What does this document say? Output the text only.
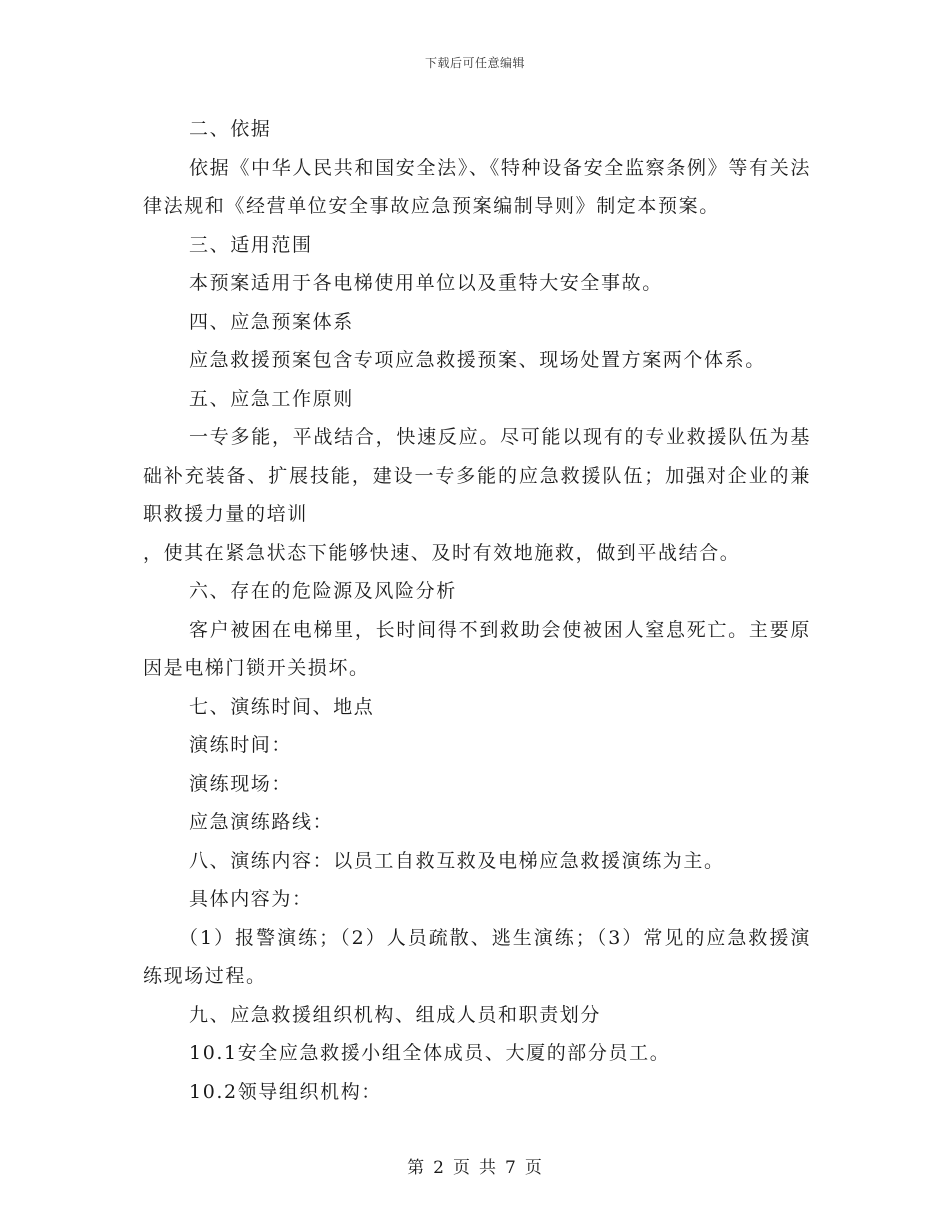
下载后可任意编辑

二、依据

依据《中华人民共和国安全法》、《特种设备安全监察条例》等有关法律法规和《经营单位安全事故应急预案编制导则》制定本预案。

三、适用范围

本预案适用于各电梯使用单位以及重特大安全事故。

四、应急预案体系

应急救援预案包含专项应急救援预案、现场处置方案两个体系。

五、应急工作原则

一专多能，平战结合，快速反应。尽可能以现有的专业救援队伍为基础补充装备、扩展技能，建设一专多能的应急救援队伍；加强对企业的兼职救援力量的培训

，使其在紧急状态下能够快速、及时有效地施救，做到平战结合。

六、存在的危险源及风险分析

客户被困在电梯里，长时间得不到救助会使被困人窒息死亡。主要原因是电梯门锁开关损坏。

七、演练时间、地点

演练时间：

演练现场：

应急演练路线：

八、演练内容：以员工自救互救及电梯应急救援演练为主。

具体内容为：

（1）报警演练；（2）人员疏散、逃生演练；（3）常见的应急救援演练现场过程。

九、应急救援组织机构、组成人员和职责划分

10.1安全应急救援小组全体成员、大厦的部分员工。

10.2领导组织机构：

第 2 页 共 7 页
